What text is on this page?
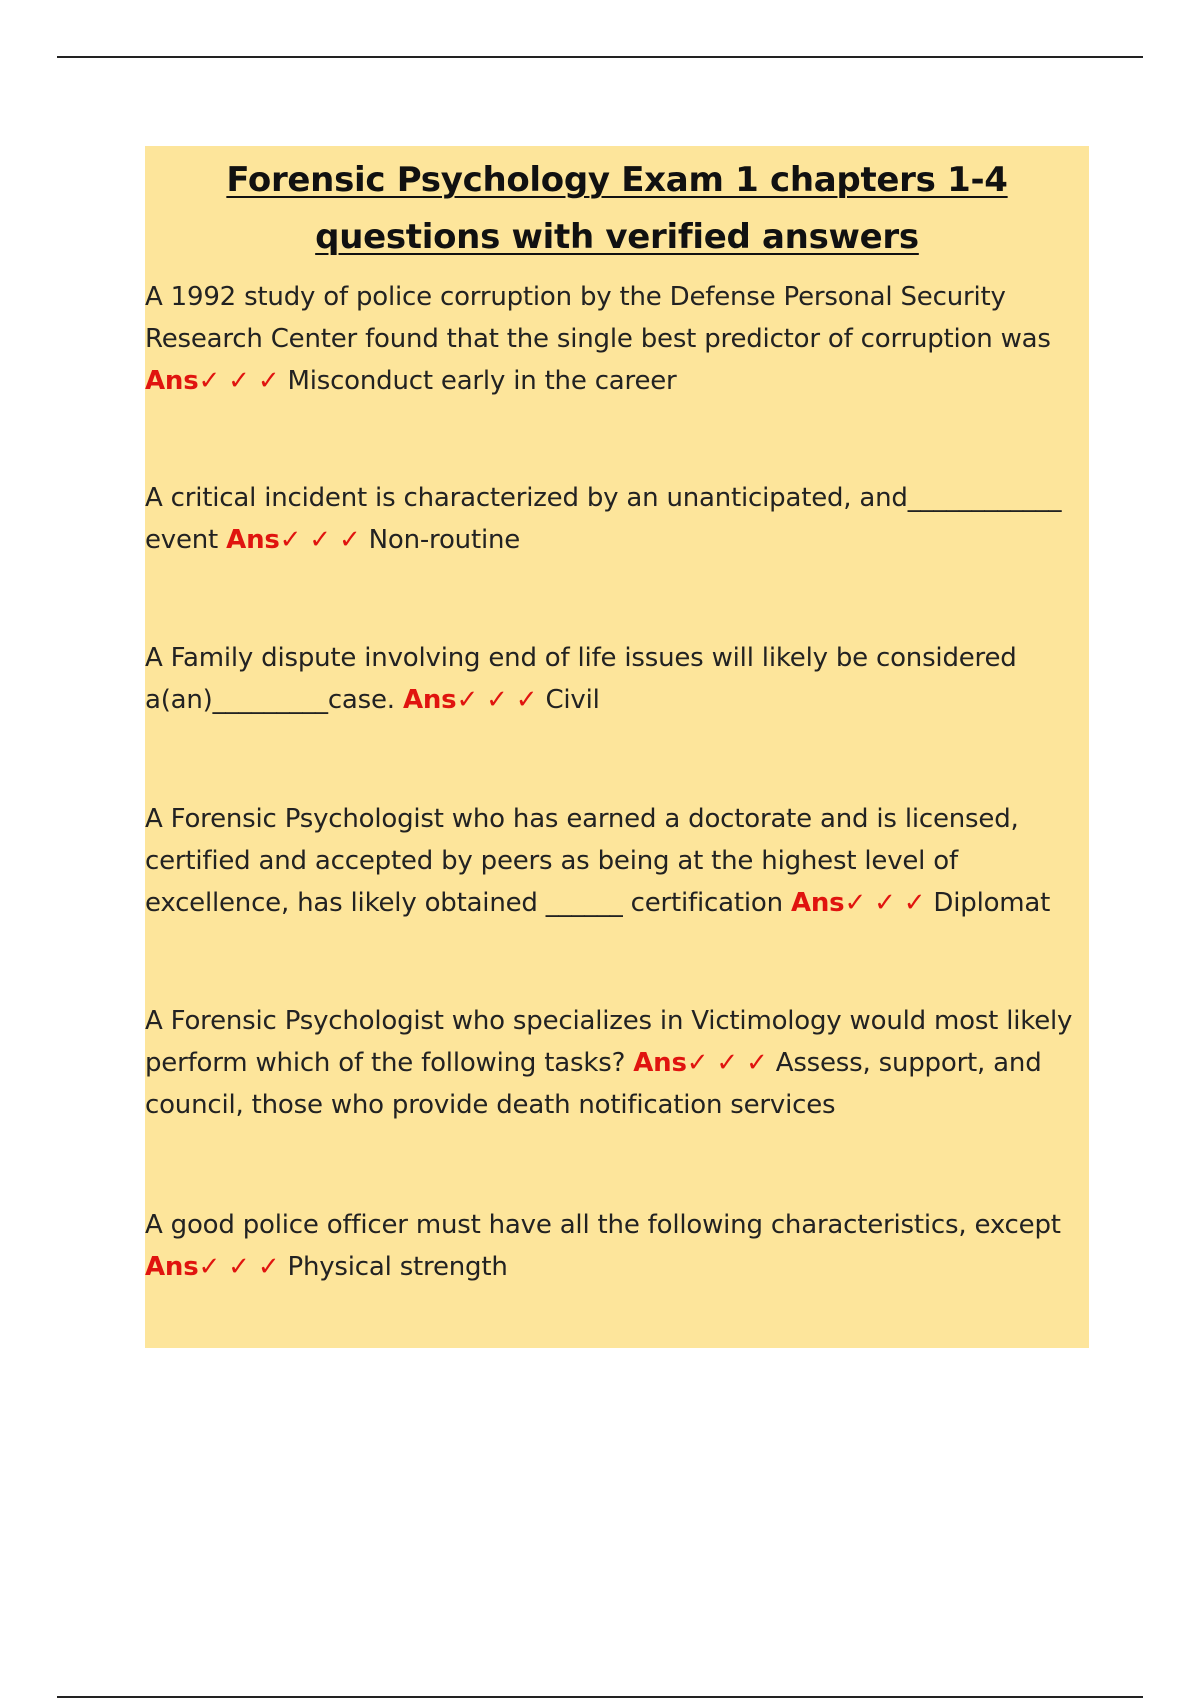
Forensic Psychology Exam 1 chapters 1-4 questions with verified answers
A 1992 study of police corruption by the Defense Personal Security Research Center found that the single best predictor of corruption was
Ans✓ ✓ ✓ Misconduct early in the career
A critical incident is characterized by an unanticipated, and____________ event Ans✓ ✓ ✓ Non-routine
A Family dispute involving end of life issues will likely be considered a(an)_________case. Ans✓ ✓ ✓ Civil
A Forensic Psychologist who has earned a doctorate and is licensed, certified and accepted by peers as being at the highest level of excellence, has likely obtained ______ certification Ans✓ ✓ ✓ Diplomat
A Forensic Psychologist who specializes in Victimology would most likely perform which of the following tasks? Ans✓ ✓ ✓ Assess, support, and council, those who provide death notification services
A good police officer must have all the following characteristics, except
Ans✓ ✓ ✓ Physical strength
